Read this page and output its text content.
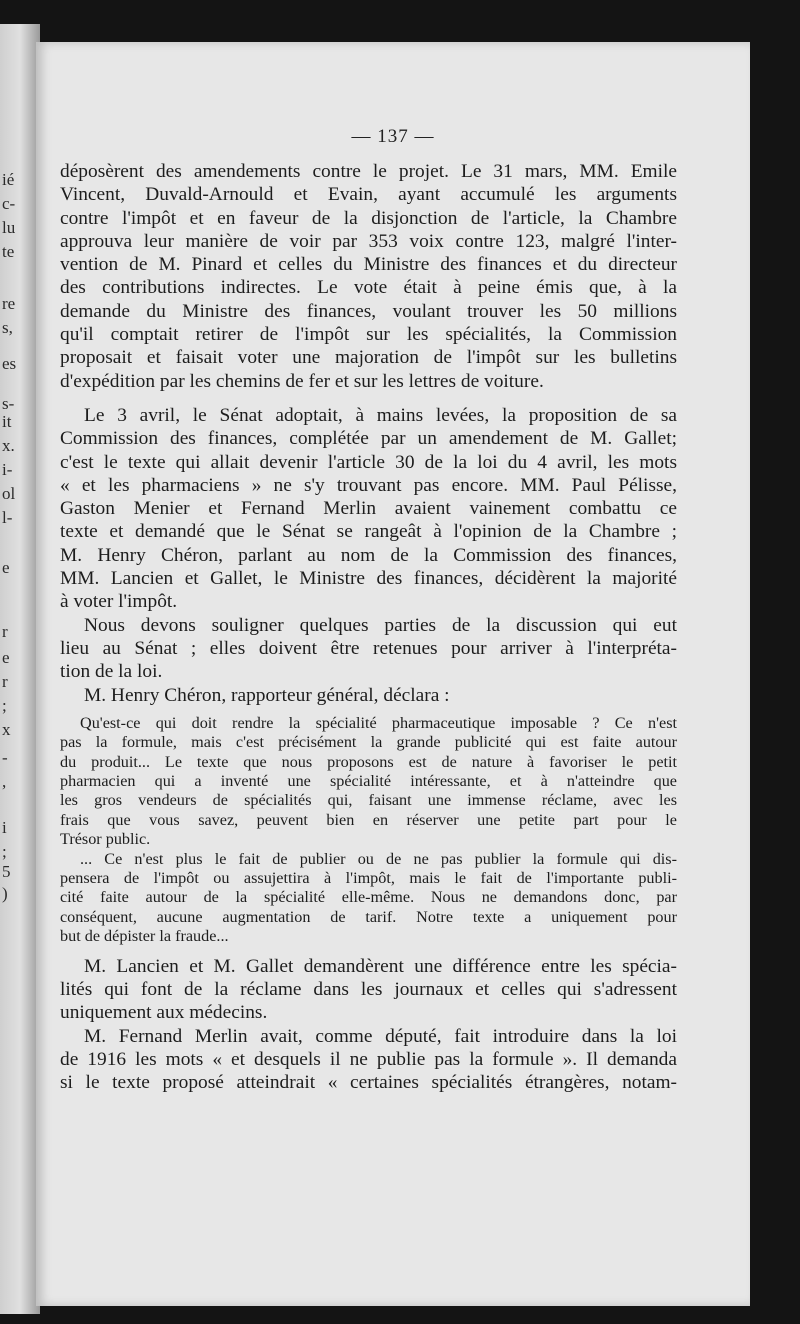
ié
c-
lu
te
re
s,
es
s-
it
x.
i-
ol
l-
e
r
e
r
;
x
-
,
i
;
5
)
— 137 —
déposèrent des amendements contre le projet. Le 31 mars, MM. Emile
Vincent, Duvald-Arnould et Evain, ayant accumulé les arguments
contre l'impôt et en faveur de la disjonction de l'article, la Chambre
approuva leur manière de voir par 353 voix contre 123, malgré l'inter-
vention de M. Pinard et celles du Ministre des finances et du directeur
des contributions indirectes. Le vote était à peine émis que, à la
demande du Ministre des finances, voulant trouver les 50 millions
qu'il comptait retirer de l'impôt sur les spécialités, la Commission
proposait et faisait voter une majoration de l'impôt sur les bulletins
d'expédition par les chemins de fer et sur les lettres de voiture.
Le 3 avril, le Sénat adoptait, à mains levées, la proposition de sa
Commission des finances, complétée par un amendement de M. Gallet;
c'est le texte qui allait devenir l'article 30 de la loi du 4 avril, les mots
« et les pharmaciens » ne s'y trouvant pas encore. MM. Paul Pélisse,
Gaston Menier et Fernand Merlin avaient vainement combattu ce
texte et demandé que le Sénat se rangeât à l'opinion de la Chambre ;
M. Henry Chéron, parlant au nom de la Commission des finances,
MM. Lancien et Gallet, le Ministre des finances, décidèrent la majorité
à voter l'impôt.
Nous devons souligner quelques parties de la discussion qui eut
lieu au Sénat ; elles doivent être retenues pour arriver à l'interpréta-
tion de la loi.
M. Henry Chéron, rapporteur général, déclara :
Qu'est-ce qui doit rendre la spécialité pharmaceutique imposable ? Ce n'est
pas la formule, mais c'est précisément la grande publicité qui est faite autour
du produit... Le texte que nous proposons est de nature à favoriser le petit
pharmacien qui a inventé une spécialité intéressante, et à n'atteindre que
les gros vendeurs de spécialités qui, faisant une immense réclame, avec les
frais que vous savez, peuvent bien en réserver une petite part pour le
Trésor public.
... Ce n'est plus le fait de publier ou de ne pas publier la formule qui dis-
pensera de l'impôt ou assujettira à l'impôt, mais le fait de l'importante publi-
cité faite autour de la spécialité elle-même. Nous ne demandons donc, par
conséquent, aucune augmentation de tarif. Notre texte a uniquement pour
but de dépister la fraude...
M. Lancien et M. Gallet demandèrent une différence entre les spécia-
lités qui font de la réclame dans les journaux et celles qui s'adressent
uniquement aux médecins.
M. Fernand Merlin avait, comme député, fait introduire dans la loi
de 1916 les mots « et desquels il ne publie pas la formule ». Il demanda
si le texte proposé atteindrait « certaines spécialités étrangères, notam-
